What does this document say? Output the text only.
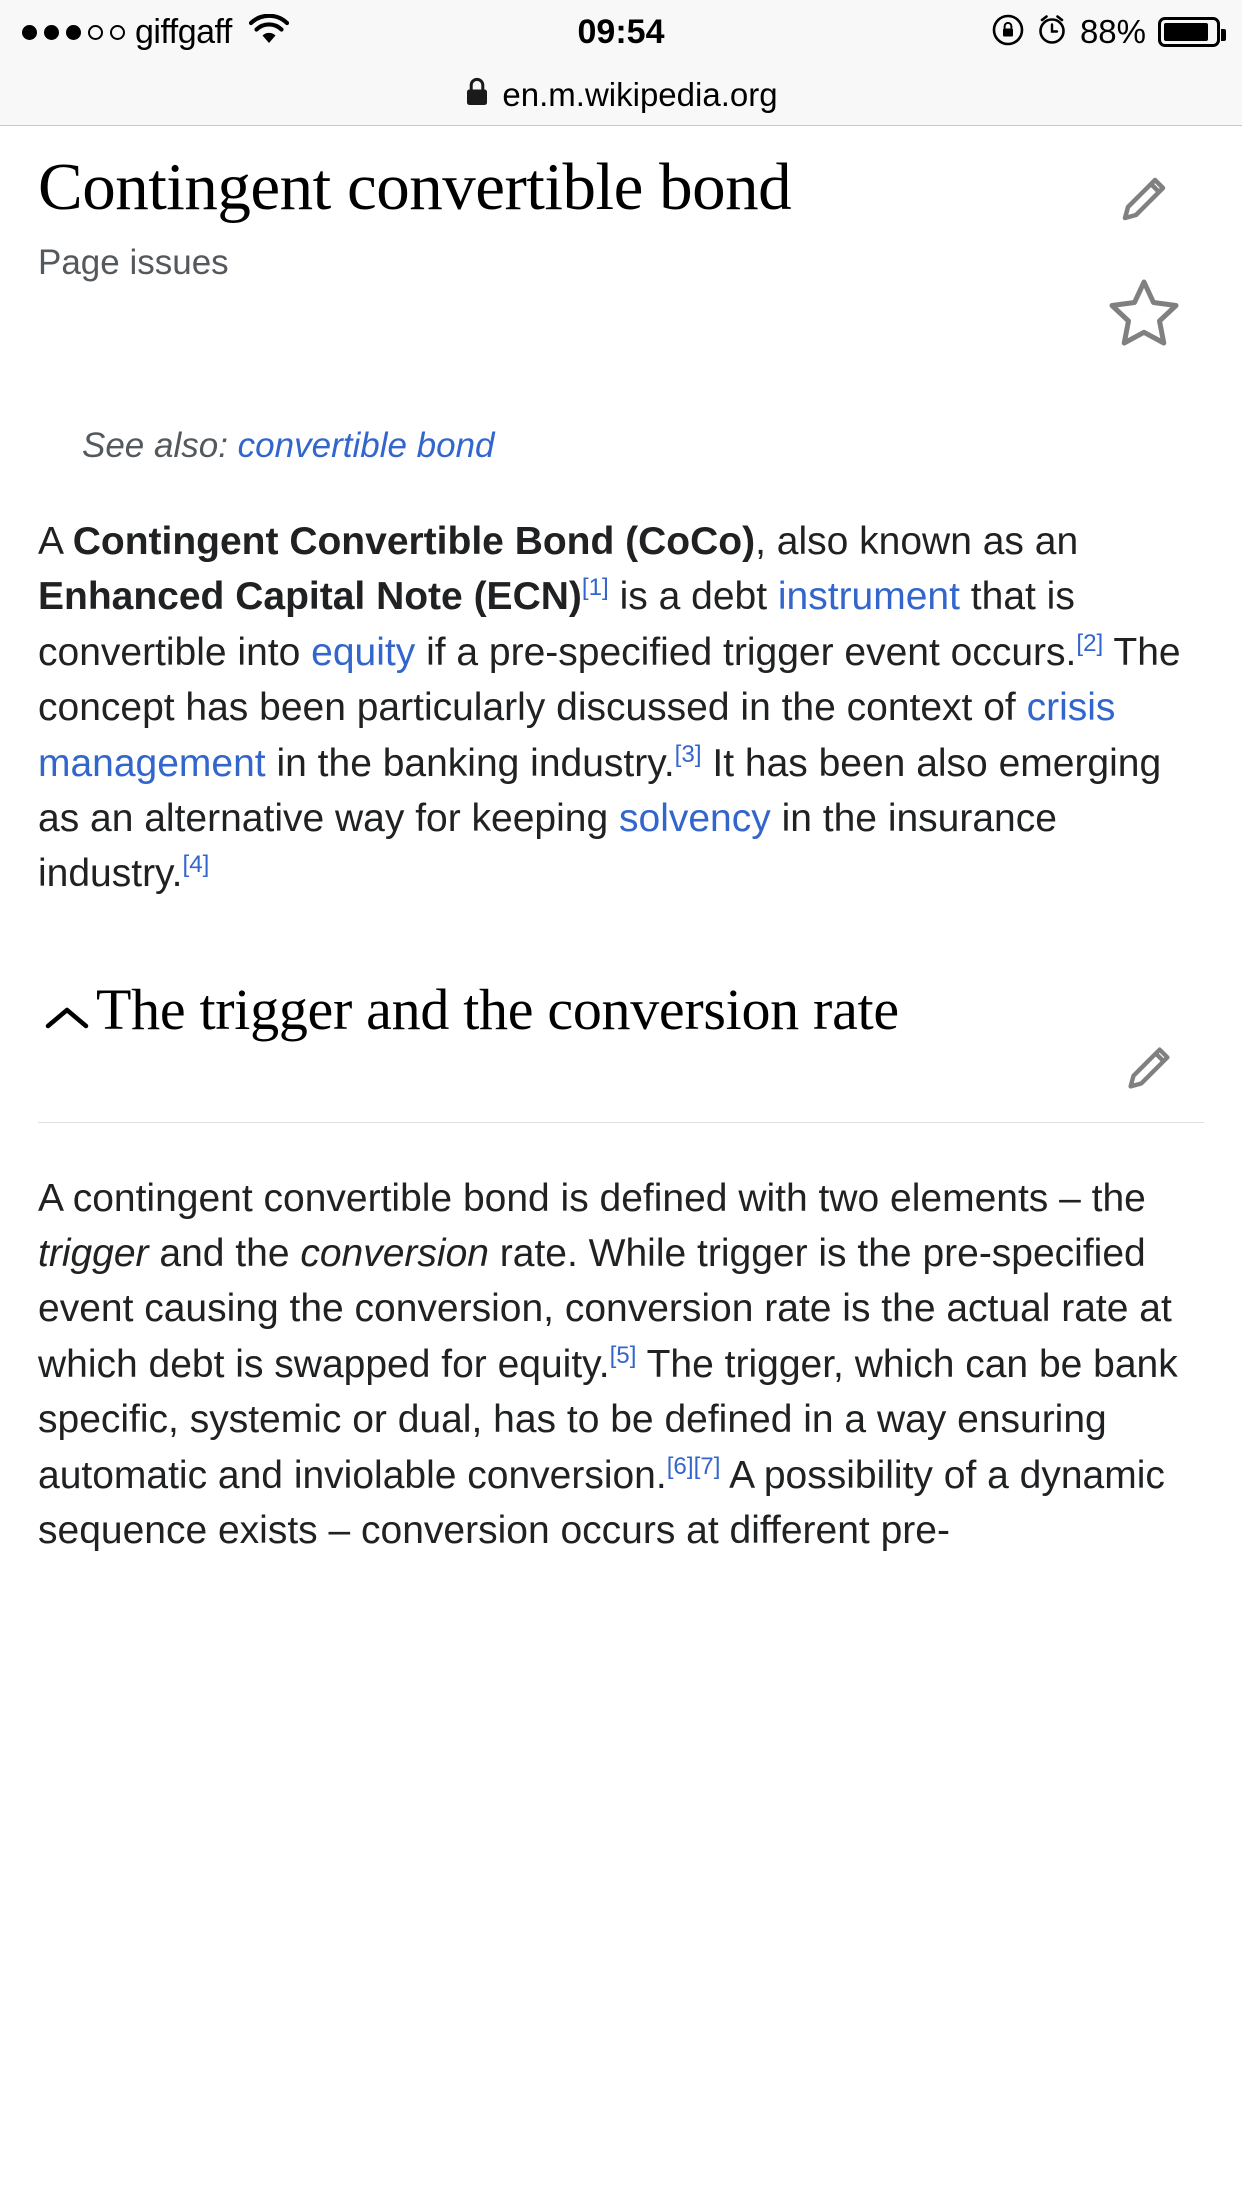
giffgaff	09:54	88%
en.m.wikipedia.org
Contingent convertible bond
Page issues
See also: convertible bond

A Contingent Convertible Bond (CoCo), also known as an Enhanced Capital Note (ECN)[1] is a debt instrument that is convertible into equity if a pre-specified trigger event occurs.[2] The concept has been particularly discussed in the context of crisis management in the banking industry.[3] It has been also emerging as an alternative way for keeping solvency in the insurance industry.[4]

The trigger and the conversion rate

A contingent convertible bond is defined with two elements – the trigger and the conversion rate. While trigger is the pre-specified event causing the conversion, conversion rate is the actual rate at which debt is swapped for equity.[5] The trigger, which can be bank specific, systemic or dual, has to be defined in a way ensuring automatic and inviolable conversion.[6][7] A possibility of a dynamic sequence exists – conversion occurs at different pre-
